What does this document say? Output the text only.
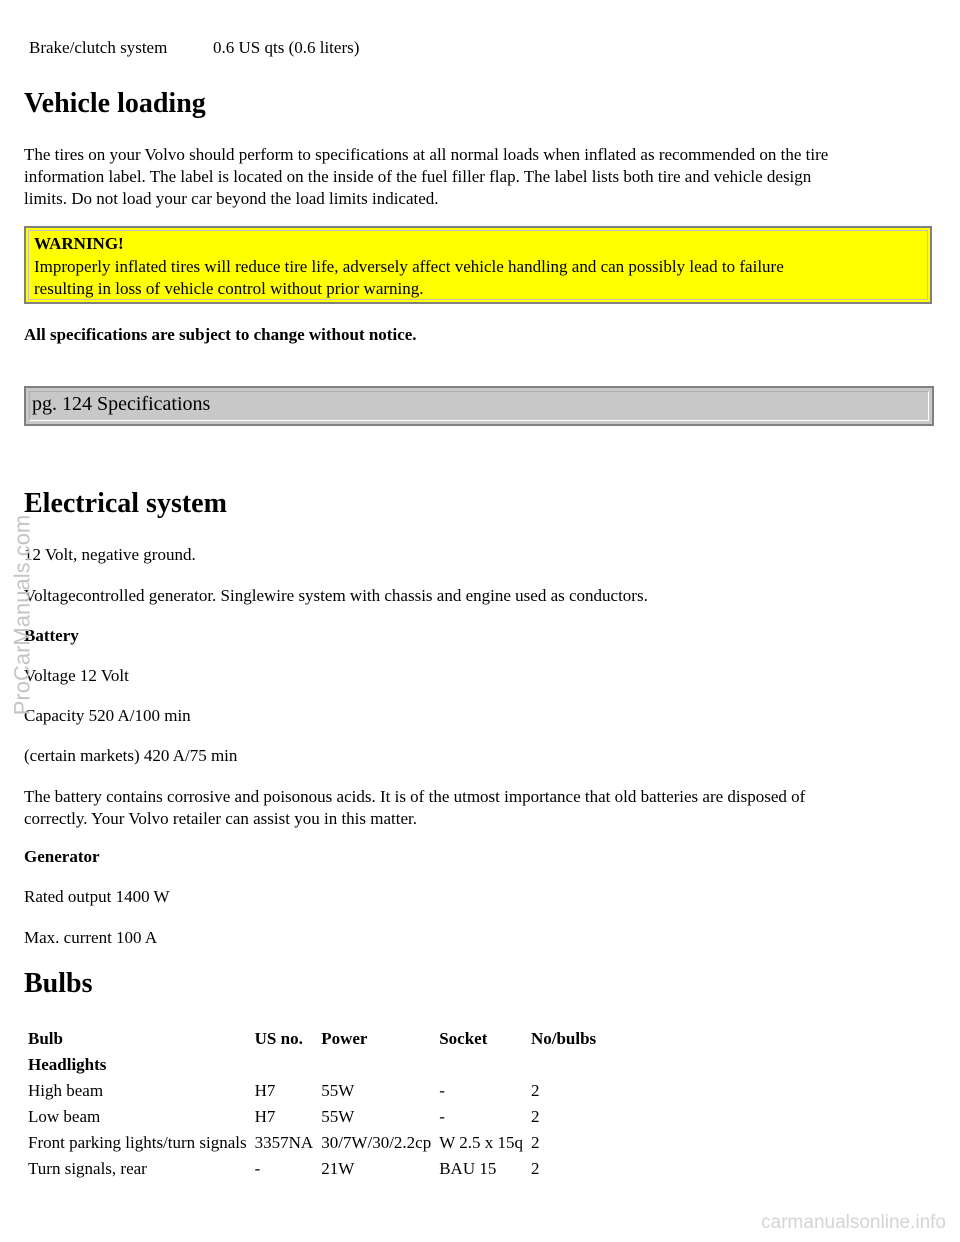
Brake/clutch system	0.6 US qts (0.6 liters)
Vehicle loading

The tires on your Volvo should perform to specifications at all normal loads when inflated as recommended on the tire

information label. The label is located on the inside of the fuel filler flap. The label lists both tire and vehicle design

limits. Do not load your car beyond the load limits indicated.

WARNING!
Improperly inflated tires will reduce tire life, adversely affect vehicle handling and can possibly lead to failure
resulting in loss of vehicle control without prior warning.

All specifications are subject to change without notice.

pg. 124 Specifications
Electrical system

12 Volt, negative ground.

Voltagecontrolled generator. Singlewire system with chassis and engine used as conductors.

Battery

Voltage 12 Volt

Capacity 520 A/100 min

(certain markets) 420 A/75 min

The battery contains corrosive and poisonous acids. It is of the utmost importance that old batteries are disposed of

correctly. Your Volvo retailer can assist you in this matter.

Generator

Rated output 1400 W

Max. current 100 A

Bulbs
Bulb	US no.	Power	Socket	No/bulbs
Headlights				
High beam	H7	55W	-	2
Low beam	H7	55W	-	2
Front parking lights/turn signals	3357NA	30/7W/30/2.2cp	W 2.5 x 15q	2
Turn signals, rear	-	21W	BAU 15	2
ProCarManuals.com
carmanualsonline.info
